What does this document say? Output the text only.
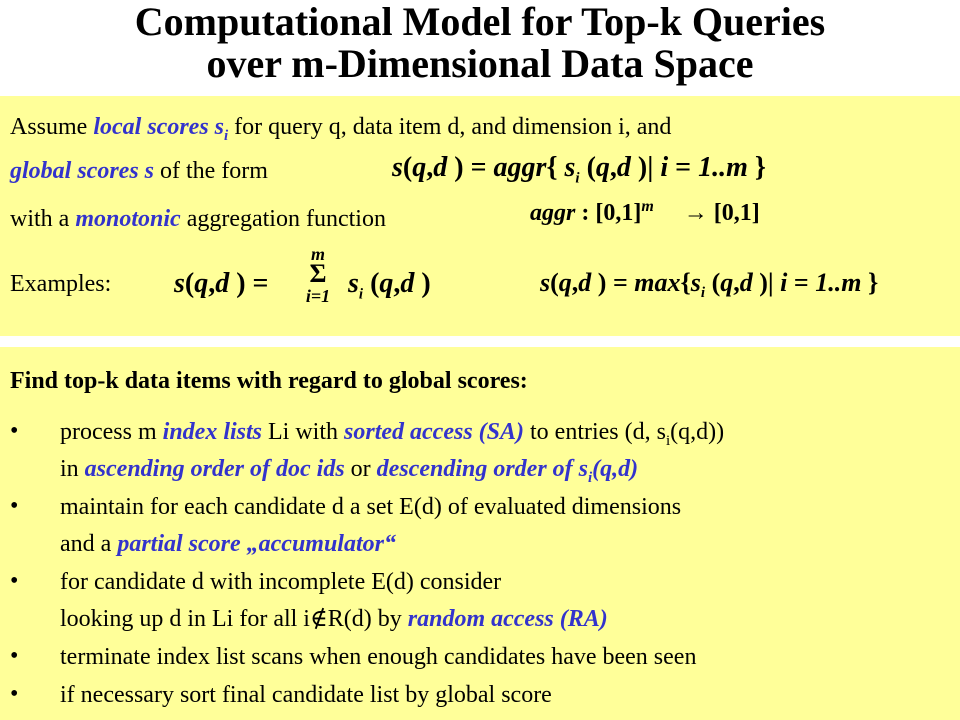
Computational Model for Top-k Queries
over m-Dimensional Data Space
Assume local scores $s_i$ for query q, data item d, and dimension i, and
global scores s of the form
with a monotonic aggregation function
Examples:
s(q,d ) = aggr{ $s_i$ (q,d )| i = 1..m }
aggr : $[0,1]^m$     → [0,1]
s(q,d ) =
m
Σ
i=1 $s_i$ (q,d )	s(q,d ) = $\max\{s_i$ (q,d )| i = 1..m }
Find top-k data items with regard to global scores:
• process m index lists Li with sorted access (SA) to entries (d, $s_i(q,d)$)
in ascending order of doc ids or descending order of $s_i(q,d)$
• maintain for each candidate d a set E(d) of evaluated dimensions
and a partial score „accumulator“
• for candidate d with incomplete E(d) consider
looking up d in Li for all i∉R(d) by random access (RA)
• terminate index list scans when enough candidates have been seen
• if necessary sort final candidate list by global score
